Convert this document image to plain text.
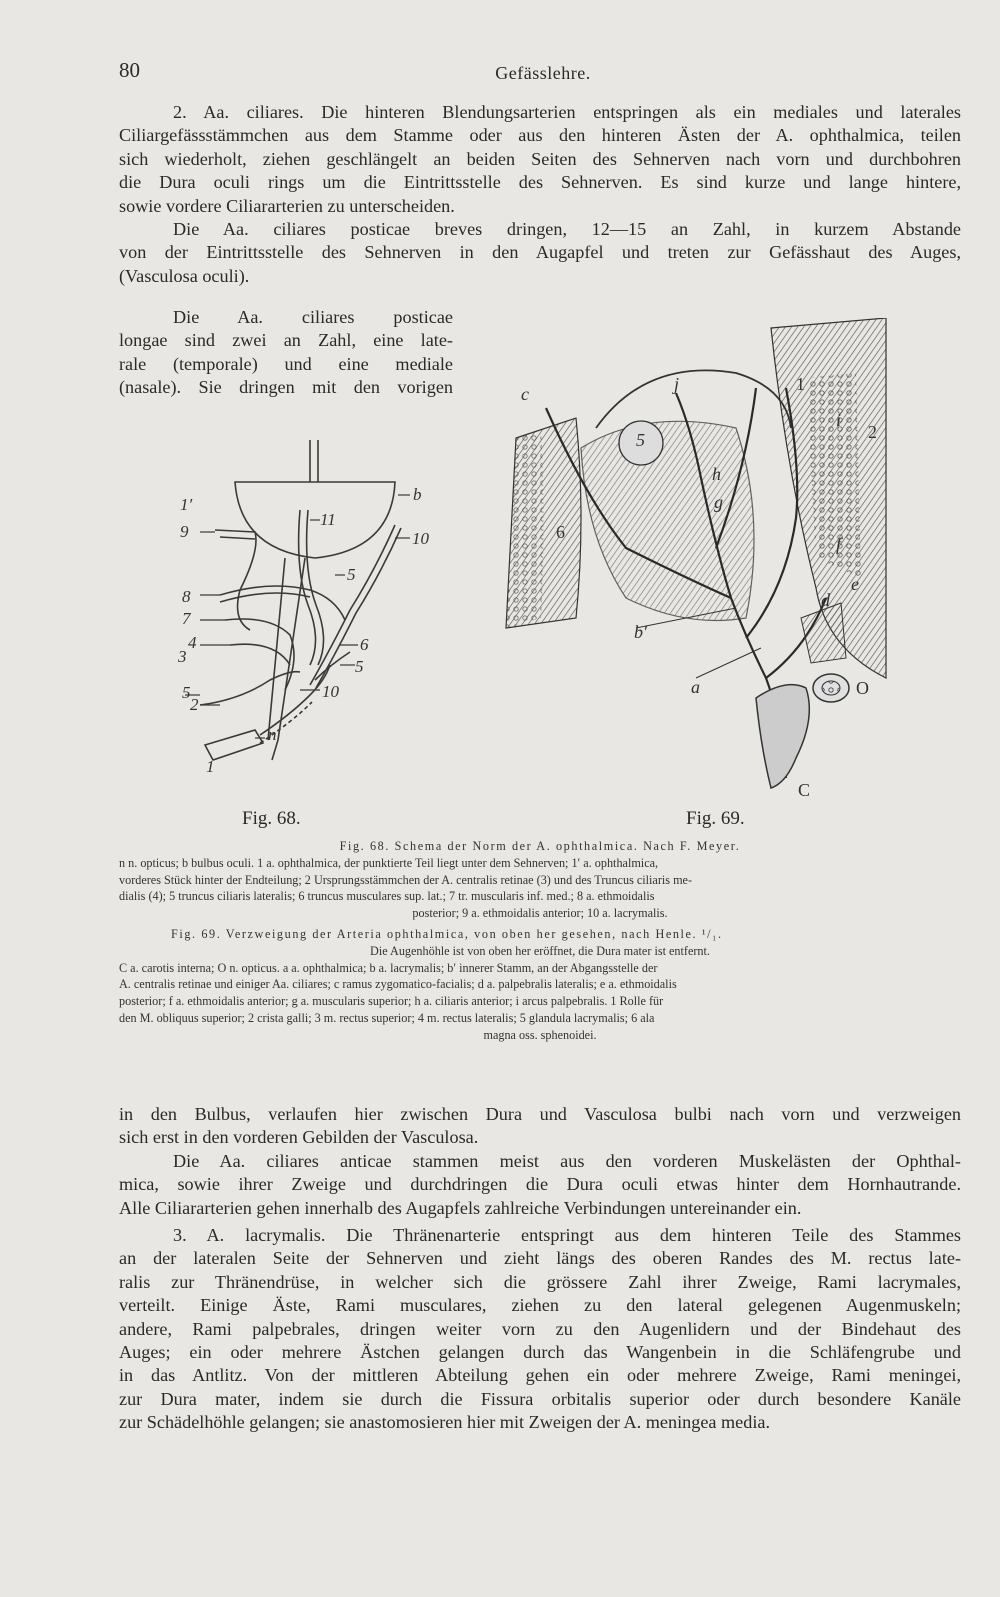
80	Gefässlehre.
2. Aa. ciliares. Die hinteren Blendungsarterien entspringen als ein mediales und laterales
Ciliargefässstämmchen aus dem Stamme oder aus den hinteren Ästen der A. ophthalmica, teilen
sich wiederholt, ziehen geschlängelt an beiden Seiten des Sehnerven nach vorn und durchbohren
die Dura oculi rings um die Eintrittsstelle des Sehnerven. Es sind kurze und lange hintere,
sowie vordere Ciliararterien zu unterscheiden.
Die Aa. ciliares posticae breves dringen, 12—15 an Zahl, in kurzem Abstande
von der Eintrittsstelle des Sehnerven in den Augapfel und treten zur Gefässhaut des Auges,
(Vasculosa oculi).
Die Aa. ciliares posticae
longae sind zwei an Zahl, eine late-
rale (temporale) und eine mediale
(nasale). Sie dringen mit den vorigen
b
11
10
1′
9
5
8
7
4
3
6
5
5	10
2
n
1
c	j	1
5
i
2
h
g
6
f
e
d
b′
a	O
C
Fig. 68.	Fig. 69.
Fig. 68. Schema der Norm der A. ophthalmica. Nach F. Meyer.
n n. opticus; b bulbus oculi. 1 a. ophthalmica, der punktierte Teil liegt unter dem Sehnerven; 1′ a. ophthalmica,
vorderes Stück hinter der Endteilung; 2 Ursprungsstämmchen der A. centralis retinae (3) und des Truncus ciliaris me-
dialis (4); 5 truncus ciliaris lateralis; 6 truncus musculares sup. lat.; 7 tr. muscularis inf. med.; 8 a. ethmoidalis
posterior; 9 a. ethmoidalis anterior; 10 a. lacrymalis.
Fig. 69. Verzweigung der Arteria ophthalmica, von oben her gesehen, nach Henle. ¹/₁.
Die Augenhöhle ist von oben her eröffnet, die Dura mater ist entfernt.
C a. carotis interna; O n. opticus. a a. ophthalmica; b a. lacrymalis; b′ innerer Stamm, an der Abgangsstelle der
A. centralis retinae und einiger Aa. ciliares; c ramus zygomatico-facialis; d a. palpebralis lateralis; e a. ethmoidalis
posterior; f a. ethmoidalis anterior; g a. muscularis superior; h a. ciliaris anterior; i arcus palpebralis. 1 Rolle für
den M. obliquus superior; 2 crista galli; 3 m. rectus superior; 4 m. rectus lateralis; 5 glandula lacrymalis; 6 ala
magna oss. sphenoidei.
in den Bulbus, verlaufen hier zwischen Dura und Vasculosa bulbi nach vorn und verzweigen
sich erst in den vorderen Gebilden der Vasculosa.
Die Aa. ciliares anticae stammen meist aus den vorderen Muskelästen der Ophthal-
mica, sowie ihrer Zweige und durchdringen die Dura oculi etwas hinter dem Hornhautrande.
Alle Ciliararterien gehen innerhalb des Augapfels zahlreiche Verbindungen untereinander ein.
3. A. lacrymalis. Die Thränenarterie entspringt aus dem hinteren Teile des Stammes
an der lateralen Seite der Sehnerven und zieht längs des oberen Randes des M. rectus late-
ralis zur Thränendrüse, in welcher sich die grössere Zahl ihrer Zweige, Rami lacrymales,
verteilt. Einige Äste, Rami musculares, ziehen zu den lateral gelegenen Augenmuskeln;
andere, Rami palpebrales, dringen weiter vorn zu den Augenlidern und der Bindehaut des
Auges; ein oder mehrere Ästchen gelangen durch das Wangenbein in die Schläfengrube und
in das Antlitz. Von der mittleren Abteilung gehen ein oder mehrere Zweige, Rami meningei,
zur Dura mater, indem sie durch die Fissura orbitalis superior oder durch besondere Kanäle
zur Schädelhöhle gelangen; sie anastomosieren hier mit Zweigen der A. meningea media.
